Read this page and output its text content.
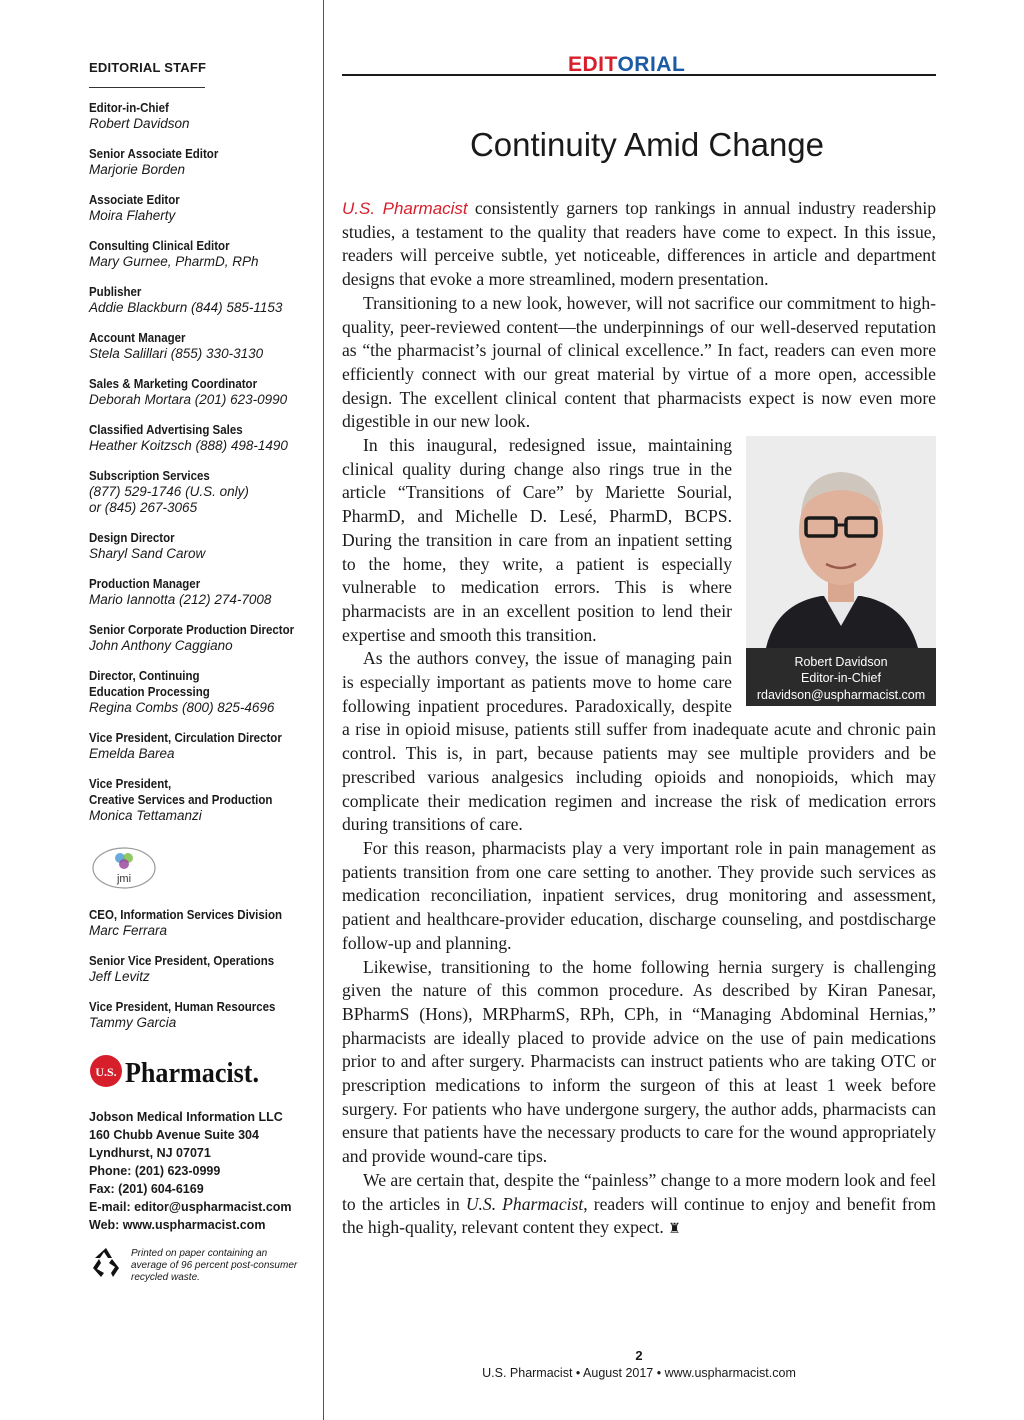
EDITORIAL STAFF

Editor-in-Chief
Robert Davidson
Senior Associate Editor
Marjorie Borden
Associate Editor
Moira Flaherty
Consulting Clinical Editor
Mary Gurnee, PharmD, RPh
Publisher
Addie Blackburn (844) 585-1153
Account Manager
Stela Salillari (855) 330-3130
Sales & Marketing Coordinator
Deborah Mortara (201) 623-0990
Classified Advertising Sales
Heather Koitzsch (888) 498-1490
Subscription Services
(877) 529-1746 (U.S. only)
or (845) 267-3065
Design Director
Sharyl Sand Carow
Production Manager
Mario Iannotta (212) 274-7008
Senior Corporate Production Director
John Anthony Caggiano
Director, Continuing
Education Processing
Regina Combs (800) 825-4696
Vice President, Circulation Director
Emelda Barea
Vice President,
Creative Services and Production
Monica Tettamanzi
jmi
CEO, Information Services Division
Marc Ferrara
Senior Vice President, Operations
Jeff Levitz
Vice President, Human Resources
Tammy Garcia
U.S. Pharmacist.
Jobson Medical Information LLC
160 Chubb Avenue Suite 304
Lyndhurst, NJ 07071
Phone: (201) 623-0999
Fax: (201) 604-6169
E-mail: editor@uspharmacist.com
Web: www.uspharmacist.com
Printed on paper containing an
average of 96 percent post-consumer
recycled waste.
EDITORIAL
Continuity Amid Change

U.S. Pharmacist consistently garners top rankings in annual industry readership studies, a testament to the quality that readers have come to expect. In this issue, readers will perceive subtle, yet noticeable, differences in article and department designs that evoke a more streamlined, modern presentation.

Transitioning to a new look, however, will not sacrifice our commitment to high-quality, peer-reviewed content—the underpinnings of our well-deserved reputation as “the pharmacist’s journal of clinical excellence.” In fact, readers can even more efficiently connect with our great material by virtue of a more open, accessible design. The excellent clinical content that pharmacists expect is now even more digestible in our new look.

Robert Davidson
Editor-in-Chief
rdavidson@uspharmacist.com

In this inaugural, redesigned issue, maintaining clinical quality during change also rings true in the article “Transitions of Care” by Mariette Sourial, PharmD, and Michelle D. Lesé, PharmD, BCPS. During the transition in care from an inpatient setting to the home, they write, a patient is especially vulnerable to medication errors. This is where pharmacists are in an excellent position to lend their expertise and smooth this transition.

As the authors convey, the issue of managing pain is especially important as patients move to home care following inpatient procedures. Paradoxically, despite a rise in opioid misuse, patients still suffer from inadequate acute and chronic pain control. This is, in part, because patients may see multiple providers and be prescribed various analgesics including opioids and nonopioids, which may complicate their medication regimen and increase the risk of medication errors during transitions of care.

For this reason, pharmacists play a very important role in pain management as patients transition from one care setting to another. They provide such services as medication reconciliation, inpatient services, drug monitoring and assessment, patient and healthcare-provider education, discharge counseling, and postdischarge follow-up and planning.

Likewise, transitioning to the home following hernia surgery is challenging given the nature of this common procedure. As described by Kiran Panesar, BPharmS (Hons), MRPharmS, RPh, CPh, in “Managing Abdominal Hernias,” pharmacists are ideally placed to provide advice on the use of pain medications prior to and after surgery. Pharmacists can instruct patients who are taking OTC or prescription medications to inform the surgeon of this at least 1 week before surgery. For patients who have undergone surgery, the author adds, pharmacists can ensure that patients have the necessary products to care for the wound appropriately and provide wound-care tips.

We are certain that, despite the “painless” change to a more modern look and feel to the articles in U.S. Pharmacist, readers will continue to enjoy and benefit from the high-quality, relevant content they expect. ♜

2
U.S. Pharmacist • August 2017 • www.uspharmacist.com
